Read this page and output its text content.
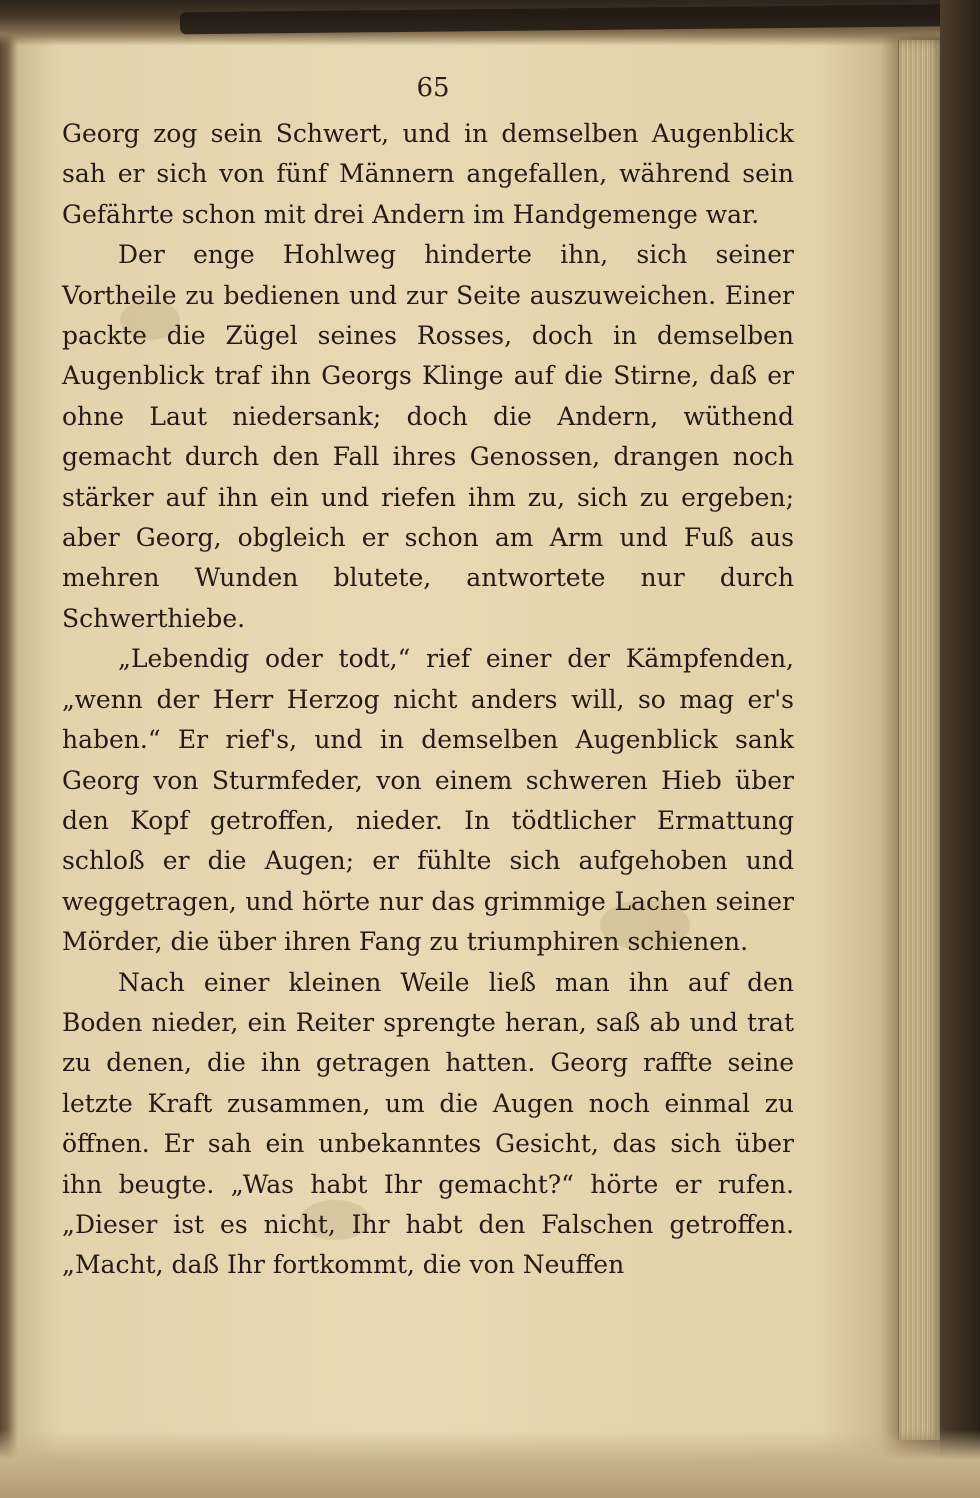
65

Georg zog sein Schwert, und in demselben Augenblick sah er sich von fünf Männern angefallen, während sein Gefährte schon mit drei Andern im Handgemenge war.

Der enge Hohlweg hinderte ihn, sich seiner Vortheile zu bedienen und zur Seite auszuweichen. Einer packte die Zügel seines Rosses, doch in demselben Augenblick traf ihn Georgs Klinge auf die Stirne, daß er ohne Laut niedersank; doch die Andern, wüthend gemacht durch den Fall ihres Genossen, drangen noch stärker auf ihn ein und riefen ihm zu, sich zu ergeben; aber Georg, obgleich er schon am Arm und Fuß aus mehren Wunden blutete, antwortete nur durch Schwerthiebe.

„Lebendig oder todt,“ rief einer der Kämpfenden, „wenn der Herr Herzog nicht anders will, so mag er's haben.“ Er rief's, und in demselben Augenblick sank Georg von Sturmfeder, von einem schweren Hieb über den Kopf getroffen, nieder. In tödtlicher Ermattung schloß er die Augen; er fühlte sich aufgehoben und weggetragen, und hörte nur das grimmige Lachen seiner Mörder, die über ihren Fang zu triumphiren schienen.

Nach einer kleinen Weile ließ man ihn auf den Boden nieder, ein Reiter sprengte heran, saß ab und trat zu denen, die ihn getragen hatten. Georg raffte seine letzte Kraft zusammen, um die Augen noch einmal zu öffnen. Er sah ein unbekanntes Gesicht, das sich über ihn beugte. „Was habt Ihr gemacht?“ hörte er rufen. „Dieser ist es nicht, Ihr habt den Falschen getroffen. „Macht, daß Ihr fortkommt, die von Neuffen
